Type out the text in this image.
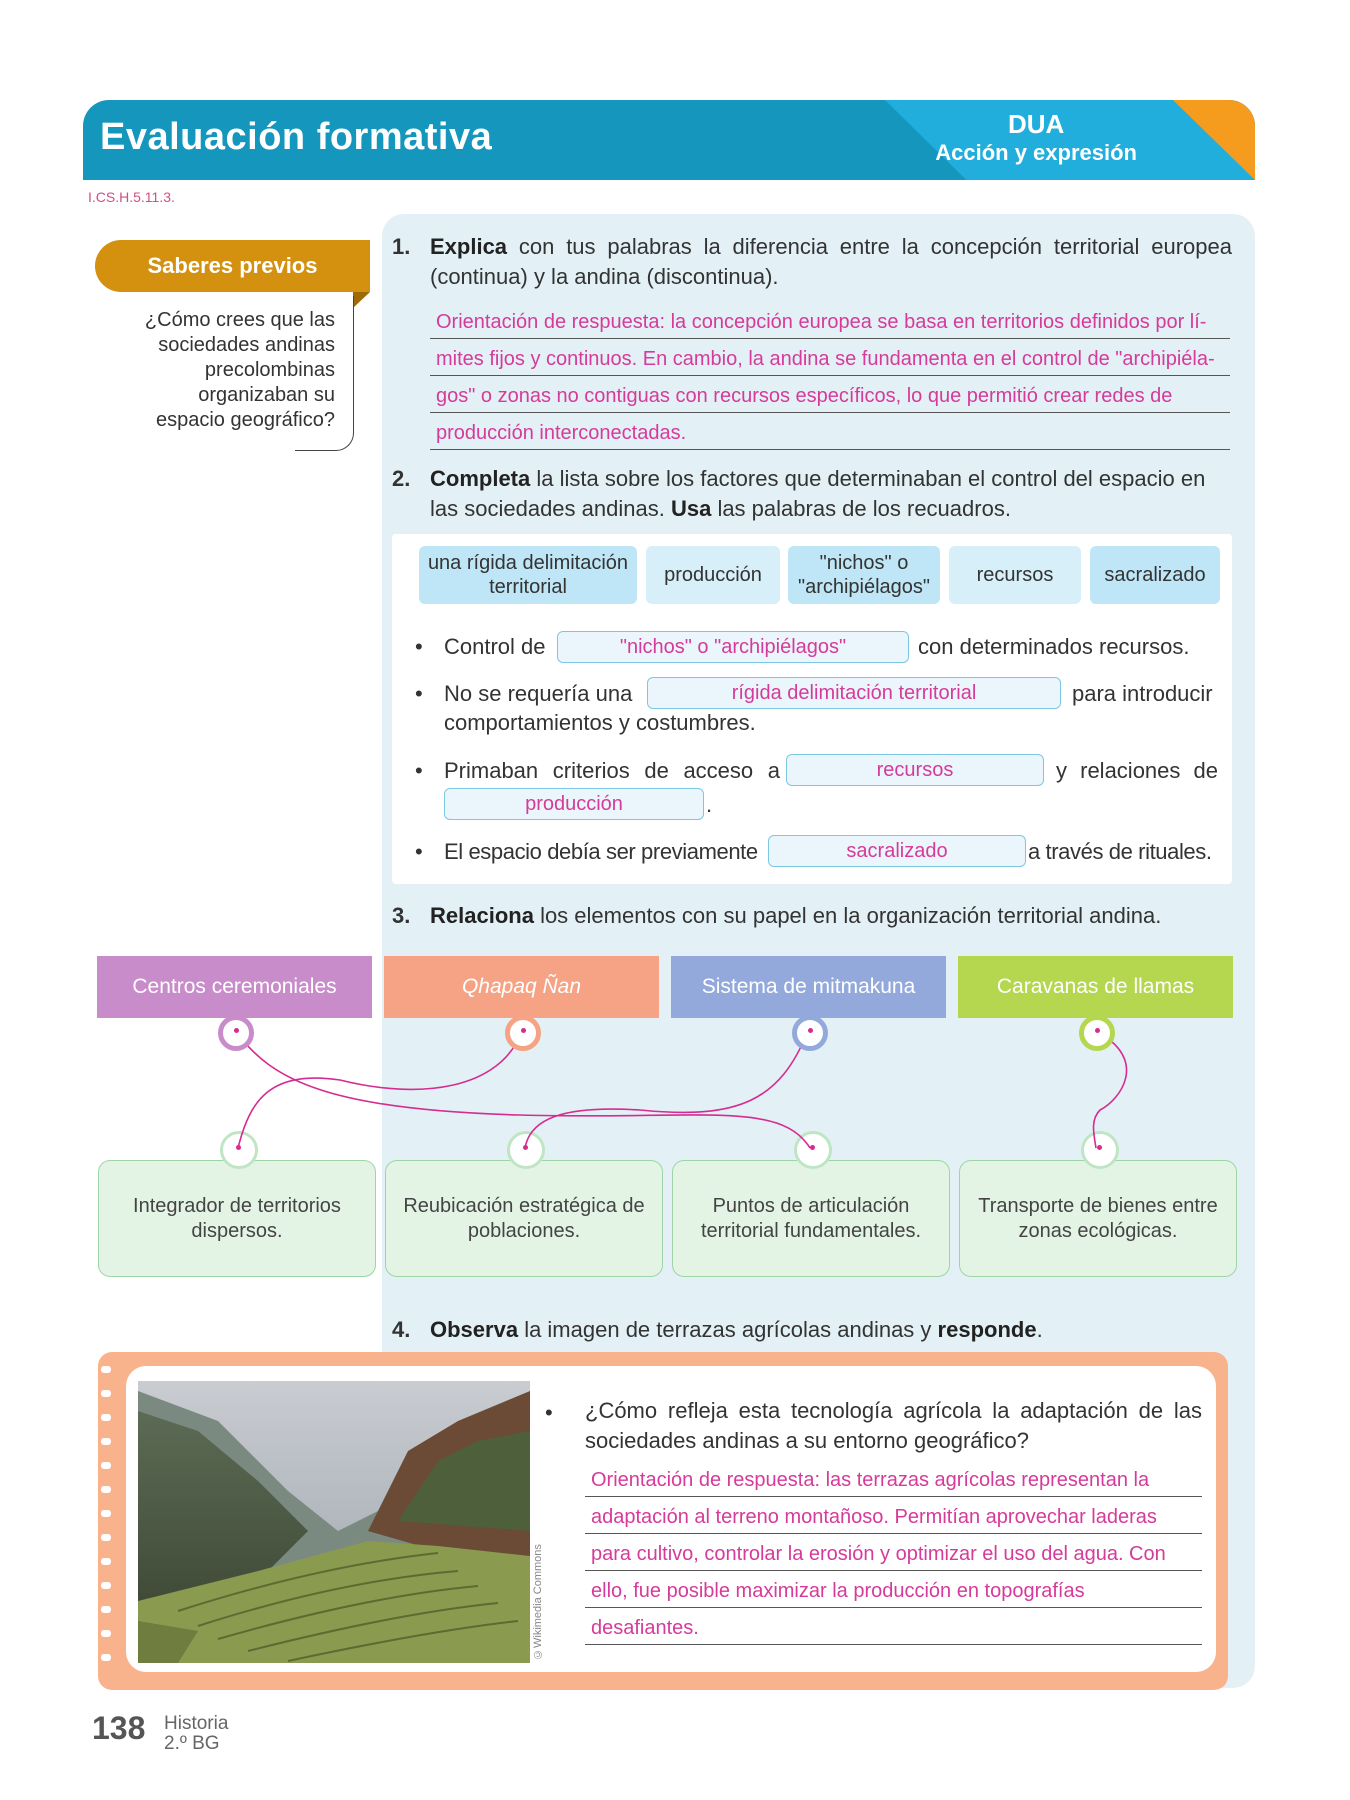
Evaluación formativa	DUA
Acción y expresión
I.CS.H.5.11.3.
Saberes previos
¿Cómo crees que las sociedades andinas precolombinas organizaban su espacio geográfico?
1. Explica con tus palabras la diferencia entre la concepción territorial europea (continua) y la andina (discontinua).
Orientación de respuesta: la concepción europea se basa en territorios definidos por lí-
mites fijos y continuos. En cambio, la andina se fundamenta en el control de "archipiéla-
gos" o zonas no contiguas con recursos específicos, lo que permitió crear redes de
producción interconectadas.
2. Completa la lista sobre los factores que determinaban el control del espacio en las sociedades andinas. Usa las palabras de los recuadros.
una rígida delimitación territorial
producción
"nichos" o "archipiélagos"
recursos	sacralizado
• Control de	"nichos" o "archipiélagos"	con determinados recursos.
• No se requería una	rígida delimitación territorial	para introducir
comportamientos y costumbres.
• Primaban criterios de acceso a	recursos	y relaciones de
producción	.
• El espacio debía ser previamente	sacralizado	a través de rituales.
3. Relaciona los elementos con su papel en la organización territorial andina.
Centros ceremoniales	Qhapaq Ñan	Sistema de mitmakuna	Caravanas de llamas
Integrador de territorios dispersos.
Reubicación estratégica de poblaciones.
Puntos de articulación territorial fundamentales.
Transporte de bienes entre zonas ecológicas.
4. Observa la imagen de terrazas agrícolas andinas y responde.
©Wikimedia Commons
• ¿Cómo refleja esta tecnología agrícola la adaptación de las sociedades andinas a su entorno geográfico?
Orientación de respuesta: las terrazas agrícolas representan la
adaptación al terreno montañoso. Permitían aprovechar laderas
para cultivo, controlar la erosión y optimizar el uso del agua. Con
ello, fue posible maximizar la producción en topografías
desafiantes.
138 Historia
2.º BG
